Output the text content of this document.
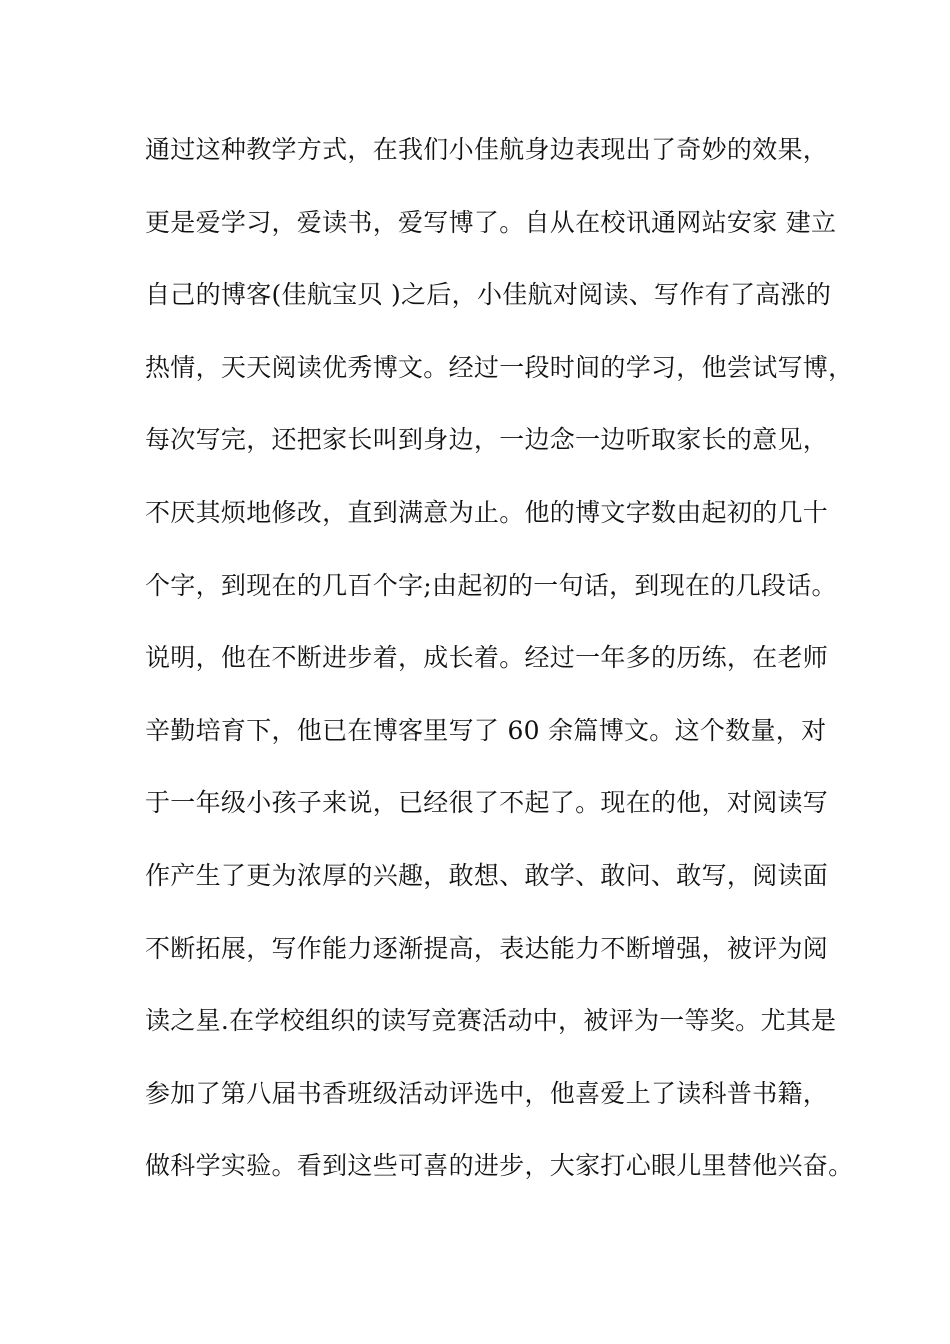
通过这种教学方式，在我们小佳航身边表现出了奇妙的效果，
更是爱学习，爱读书，爱写博了。自从在校讯通网站安家 建立
自己的博客(佳航宝贝 )之后，小佳航对阅读、写作有了高涨的
热情，天天阅读优秀博文。经过一段时间的学习，他尝试写博，
每次写完，还把家长叫到身边，一边念一边听取家长的意见，
不厌其烦地修改，直到满意为止。他的博文字数由起初的几十
个字，到现在的几百个字;由起初的一句话，到现在的几段话。
说明，他在不断进步着，成长着。经过一年多的历练，在老师
辛勤培育下，他已在博客里写了 60 余篇博文。这个数量，对
于一年级小孩子来说，已经很了不起了。现在的他，对阅读写
作产生了更为浓厚的兴趣，敢想、敢学、敢问、敢写，阅读面
不断拓展，写作能力逐渐提高，表达能力不断增强，被评为阅
读之星.在学校组织的读写竞赛活动中，被评为一等奖。尤其是
参加了第八届书香班级活动评选中，他喜爱上了读科普书籍，
做科学实验。看到这些可喜的进步，大家打心眼儿里替他兴奋。
